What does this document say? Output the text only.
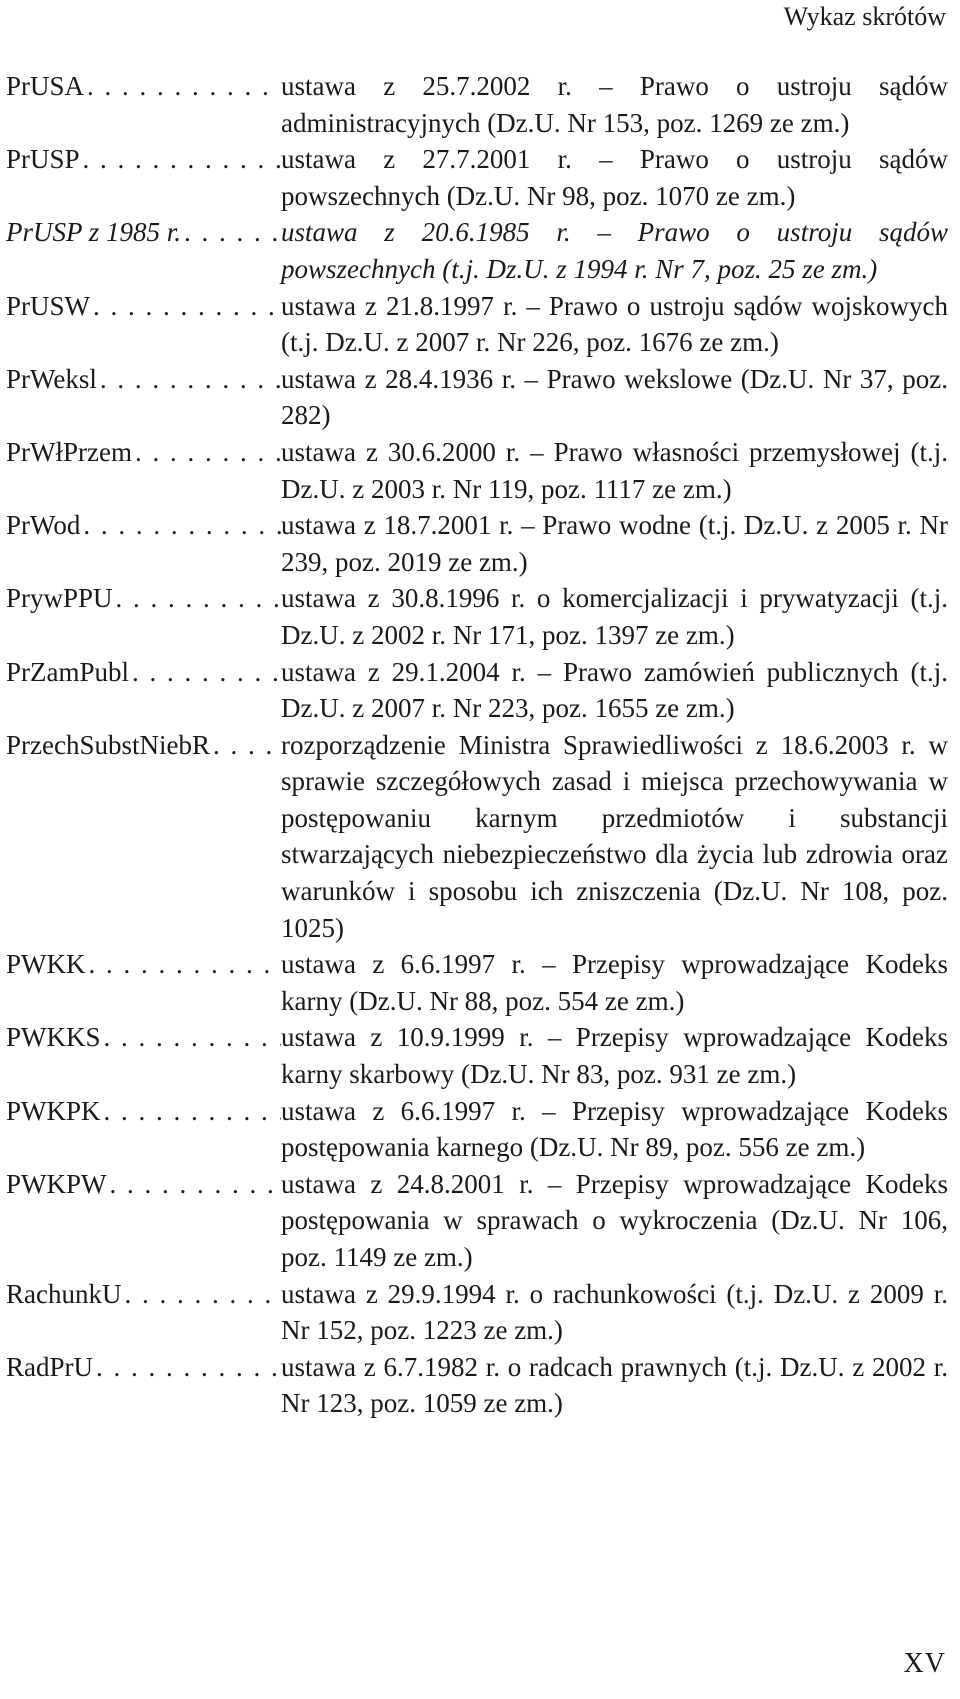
Wykaz skrótów
PrUSA . . .	ustawa z 25.7.2002 r. – Prawo o ustroju sądów administracyjnych (Dz.U. Nr 153, poz. 1269 ze zm.)
PrUSP . . .	ustawa z 27.7.2001 r. – Prawo o ustroju sądów powszechnych (Dz.U. Nr 98, poz. 1070 ze zm.)
PrUSP z 1985 r. . . .	ustawa z 20.6.1985 r. – Prawo o ustroju sądów powszechnych (t.j. Dz.U. z 1994 r. Nr 7, poz. 25 ze zm.)
PrUSW . . .	ustawa z 21.8.1997 r. – Prawo o ustroju sądów wojskowych (t.j. Dz.U. z 2007 r. Nr 226, poz. 1676 ze zm.)
PrWeksl . . .	ustawa z 28.4.1936 r. – Prawo wekslowe (Dz.U. Nr 37, poz. 282)
PrWłPrzem . . .	ustawa z 30.6.2000 r. – Prawo własności przemysłowej (t.j. Dz.U. z 2003 r. Nr 119, poz. 1117 ze zm.)
PrWod . . .	ustawa z 18.7.2001 r. – Prawo wodne (t.j. Dz.U. z 2005 r. Nr 239, poz. 2019 ze zm.)
PrywPPU . . .	ustawa z 30.8.1996 r. o komercjalizacji i prywatyzacji (t.j. Dz.U. z 2002 r. Nr 171, poz. 1397 ze zm.)
PrZamPubl . . .	ustawa z 29.1.2004 r. – Prawo zamówień publicznych (t.j. Dz.U. z 2007 r. Nr 223, poz. 1655 ze zm.)
PrzechSubstNiebR . . .	rozporządzenie Ministra Sprawiedliwości z 18.6.2003 r. w sprawie szczegółowych zasad i miejsca przechowywania w postępowaniu karnym przedmiotów i substancji stwarzających niebezpieczeństwo dla życia lub zdrowia oraz warunków i sposobu ich zniszczenia (Dz.U. Nr 108, poz. 1025)
PWKK . . .	ustawa z 6.6.1997 r. – Przepisy wprowadzające Kodeks karny (Dz.U. Nr 88, poz. 554 ze zm.)
PWKKS . . .	ustawa z 10.9.1999 r. – Przepisy wprowadzające Kodeks karny skarbowy (Dz.U. Nr 83, poz. 931 ze zm.)
PWKPK . . .	ustawa z 6.6.1997 r. – Przepisy wprowadzające Kodeks postępowania karnego (Dz.U. Nr 89, poz. 556 ze zm.)
PWKPW . . .	ustawa z 24.8.2001 r. – Przepisy wprowadzające Kodeks postępowania w sprawach o wykroczenia (Dz.U. Nr 106, poz. 1149 ze zm.)
RachunkU . . .	ustawa z 29.9.1994 r. o rachunkowości (t.j. Dz.U. z 2009 r. Nr 152, poz. 1223 ze zm.)
RadPrU . . .	ustawa z 6.7.1982 r. o radcach prawnych (t.j. Dz.U. z 2002 r. Nr 123, poz. 1059 ze zm.)
XV
